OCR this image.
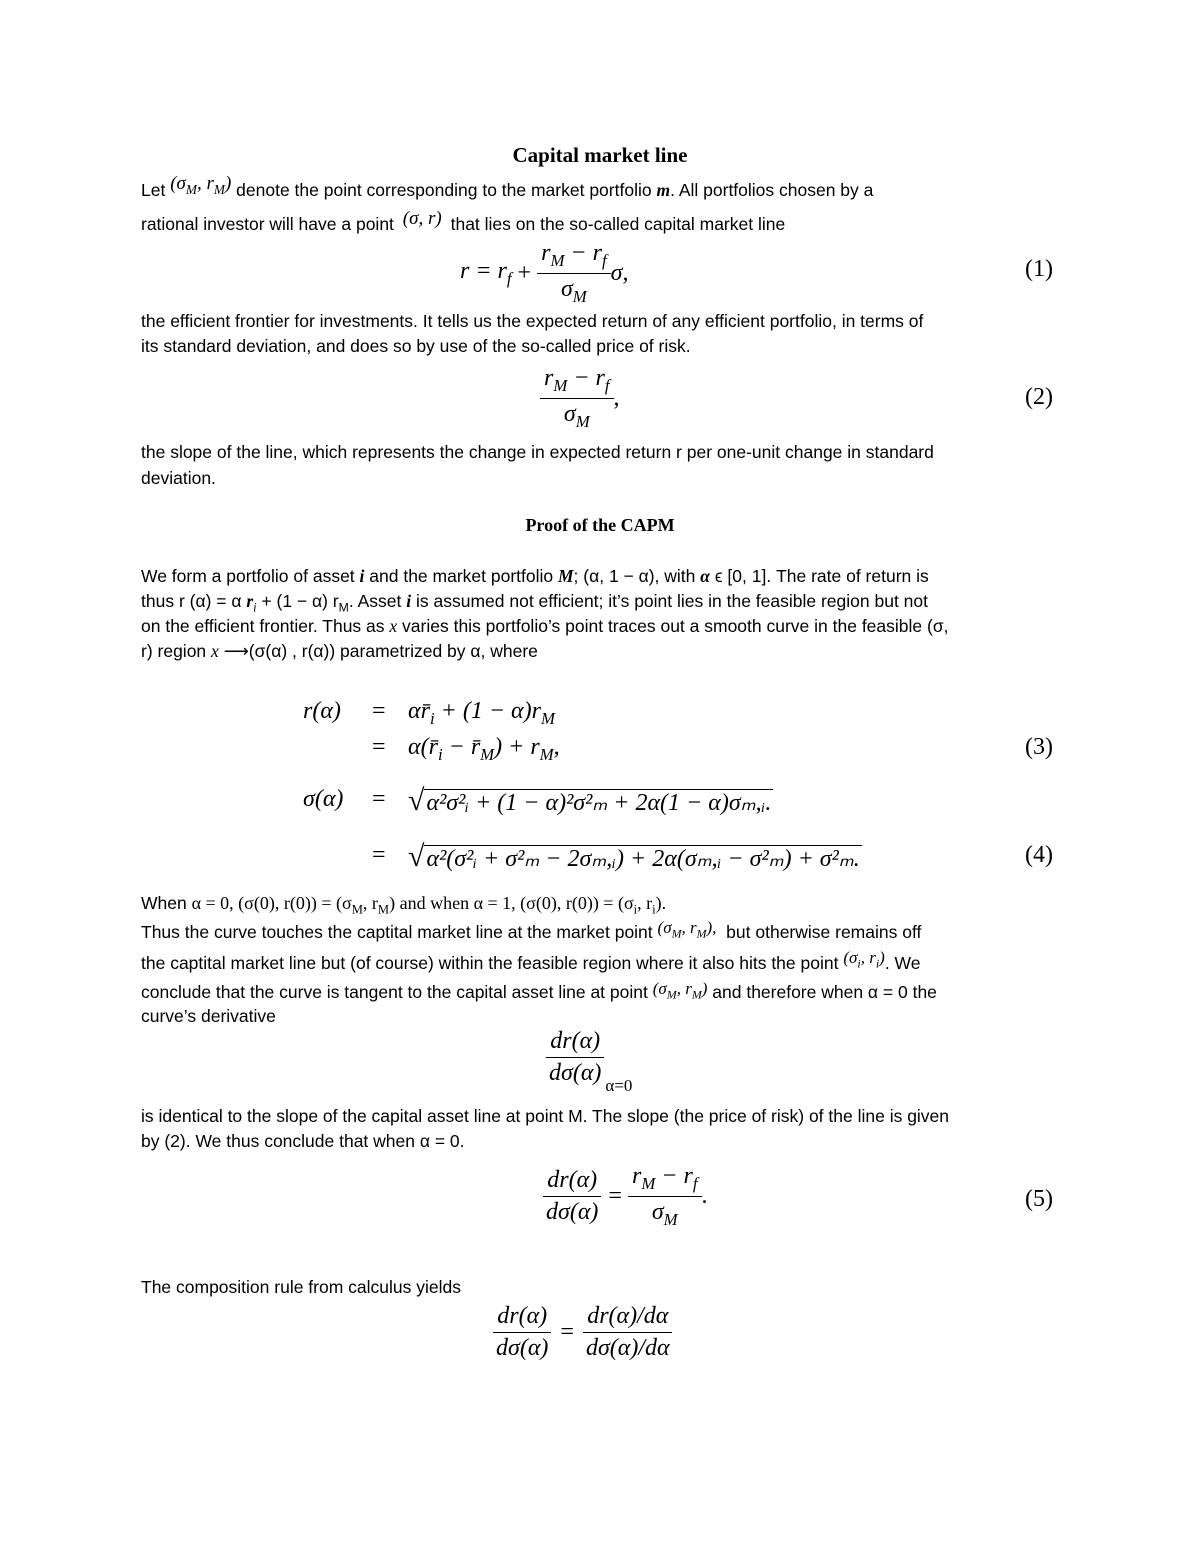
Capital market line
Let ($\sigma_M$, $r_M$) denote the point corresponding to the market portfolio m. All portfolios chosen by a
rational investor will have a point (σ, r) that lies on the so-called capital market line
$r = r_f + \frac{r_M - r_f}{\sigma_M} \sigma$,	(1)
the efficient frontier for investments. It tells us the expected return of any efficient portfolio, in terms of
its standard deviation, and does so by use of the so-called price of risk.
$\frac{r_M - r_f}{\sigma_M}$ ,	(2)
the slope of the line, which represents the change in expected return r per one-unit change in standard
deviation.
Proof of the CAPM
We form a portfolio of asset i and the market portfolio M; (α, 1 − α), with α ϵ [0, 1]. The rate of return is
thus r (α) = α $r_i + (1 - \alpha)$ $r_M$. Asset i is assumed not efficient; it’s point lies in the feasible region but not
on the efficient frontier. Thus as x varies this portfolio’s point traces out a smooth curve in the feasible (σ,
r) region x ⟶(σ(α) , r(α)) parametrized by α, where
$r(\alpha) = \alpha r̄_i + (1 - \alpha)r_M$
= $\alpha(r̄_i$ − $r̄_M) + r_M$,	(3)
σ(α) = √α²σ²ᵢ + (1 − α)²σ²ₘ + 2α(1 − α)σₘ,ᵢ.
= √α²(σ²ᵢ + σ²ₘ − 2σₘ,ᵢ) + 2α(σₘ,ᵢ − σ²ₘ) + σ²ₘ.	(4)
When α = 0, (σ(0), $r(0)) = (\sigma_M$, $r_M$) and when α = 1, (σ(0), $r(0)) = (\sigma_i$, $r_i$).
Thus the curve touches the captital market line at the market point ($\sigma_M$, $r_M$), but otherwise remains off
the captital market line but (of course) within the feasible region where it also hits the point ($\sigma_i$, $r_i$). We
conclude that the curve is tangent to the capital asset line at point ($\sigma_M$, $r_M$) and therefore when α = 0 the
curve’s derivative
$\frac{dr(\alpha)}{d\sigma(\alpha)} _{\alpha=0}$
is identical to the slope of the capital asset line at point M. The slope (the price of risk) of the line is given
by (2). We thus conclude that when α = 0.
$\frac{dr(\alpha)}{d\sigma(\alpha)} = \frac{r_M - r_f}{\sigma_M}$ .	(5)
The composition rule from calculus yields
$\frac{dr(\alpha)}{d\sigma(\alpha)} = \frac{dr(\alpha)/d\alpha}{d\sigma(\alpha)/d\alpha}$
